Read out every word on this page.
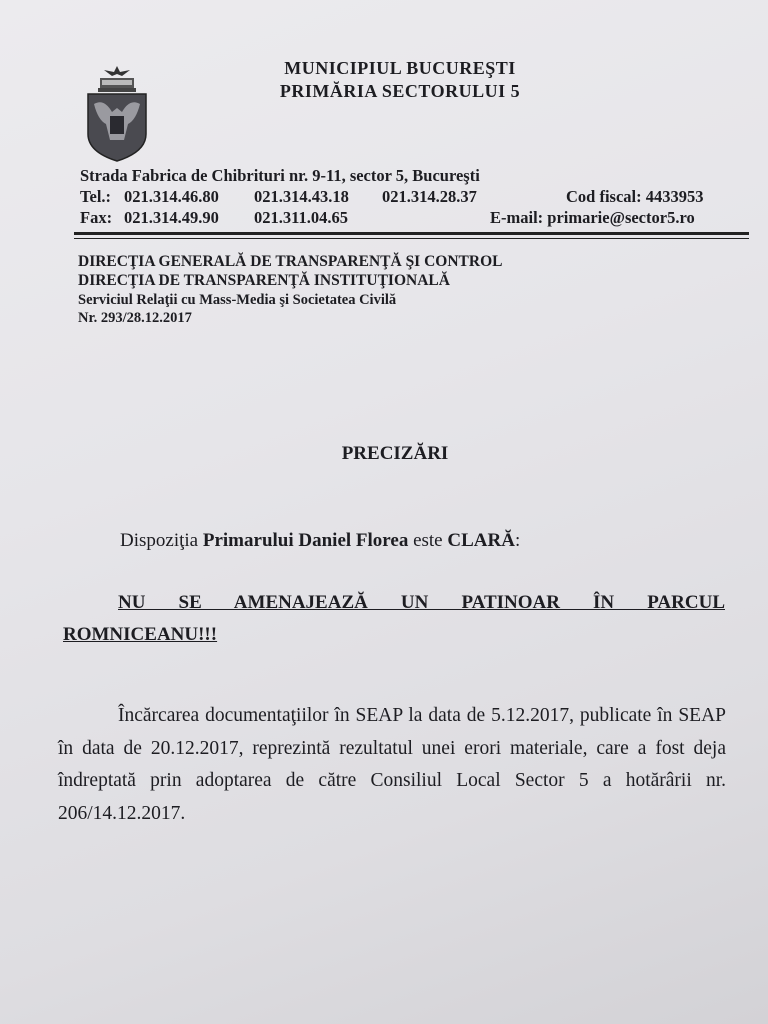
MUNICIPIUL BUCUREŞTI
PRIMĂRIA SECTORULUI 5
Strada Fabrica de Chibrituri nr. 9-11, sector 5, Bucureşti
Tel.: 021.314.46.80 021.314.43.18 021.314.28.37	Cod fiscal: 4433953
Fax: 021.314.49.90 021.311.04.65	E-mail: primarie@sector5.ro
DIRECŢIA GENERALĂ DE TRANSPARENŢĂ ŞI CONTROL
DIRECŢIA DE TRANSPARENŢĂ INSTITUŢIONALĂ
Serviciul Relaţii cu Mass-Media şi Societatea Civilă
Nr. 293/28.12.2017
PRECIZĂRI
Dispoziţia Primarului Daniel Florea este CLARĂ:
NU SE AMENAJEAZĂ UN PATINOAR ÎN PARCUL
ROMNICEANU!!!
Încărcarea documentaţiilor în SEAP la data de 5.12.2017, publicate în SEAP în data de 20.12.2017, reprezintă rezultatul unei erori materiale, care a fost deja îndreptată prin adoptarea de către Consiliul Local Sector 5 a hotărârii nr. 206/14.12.2017.
